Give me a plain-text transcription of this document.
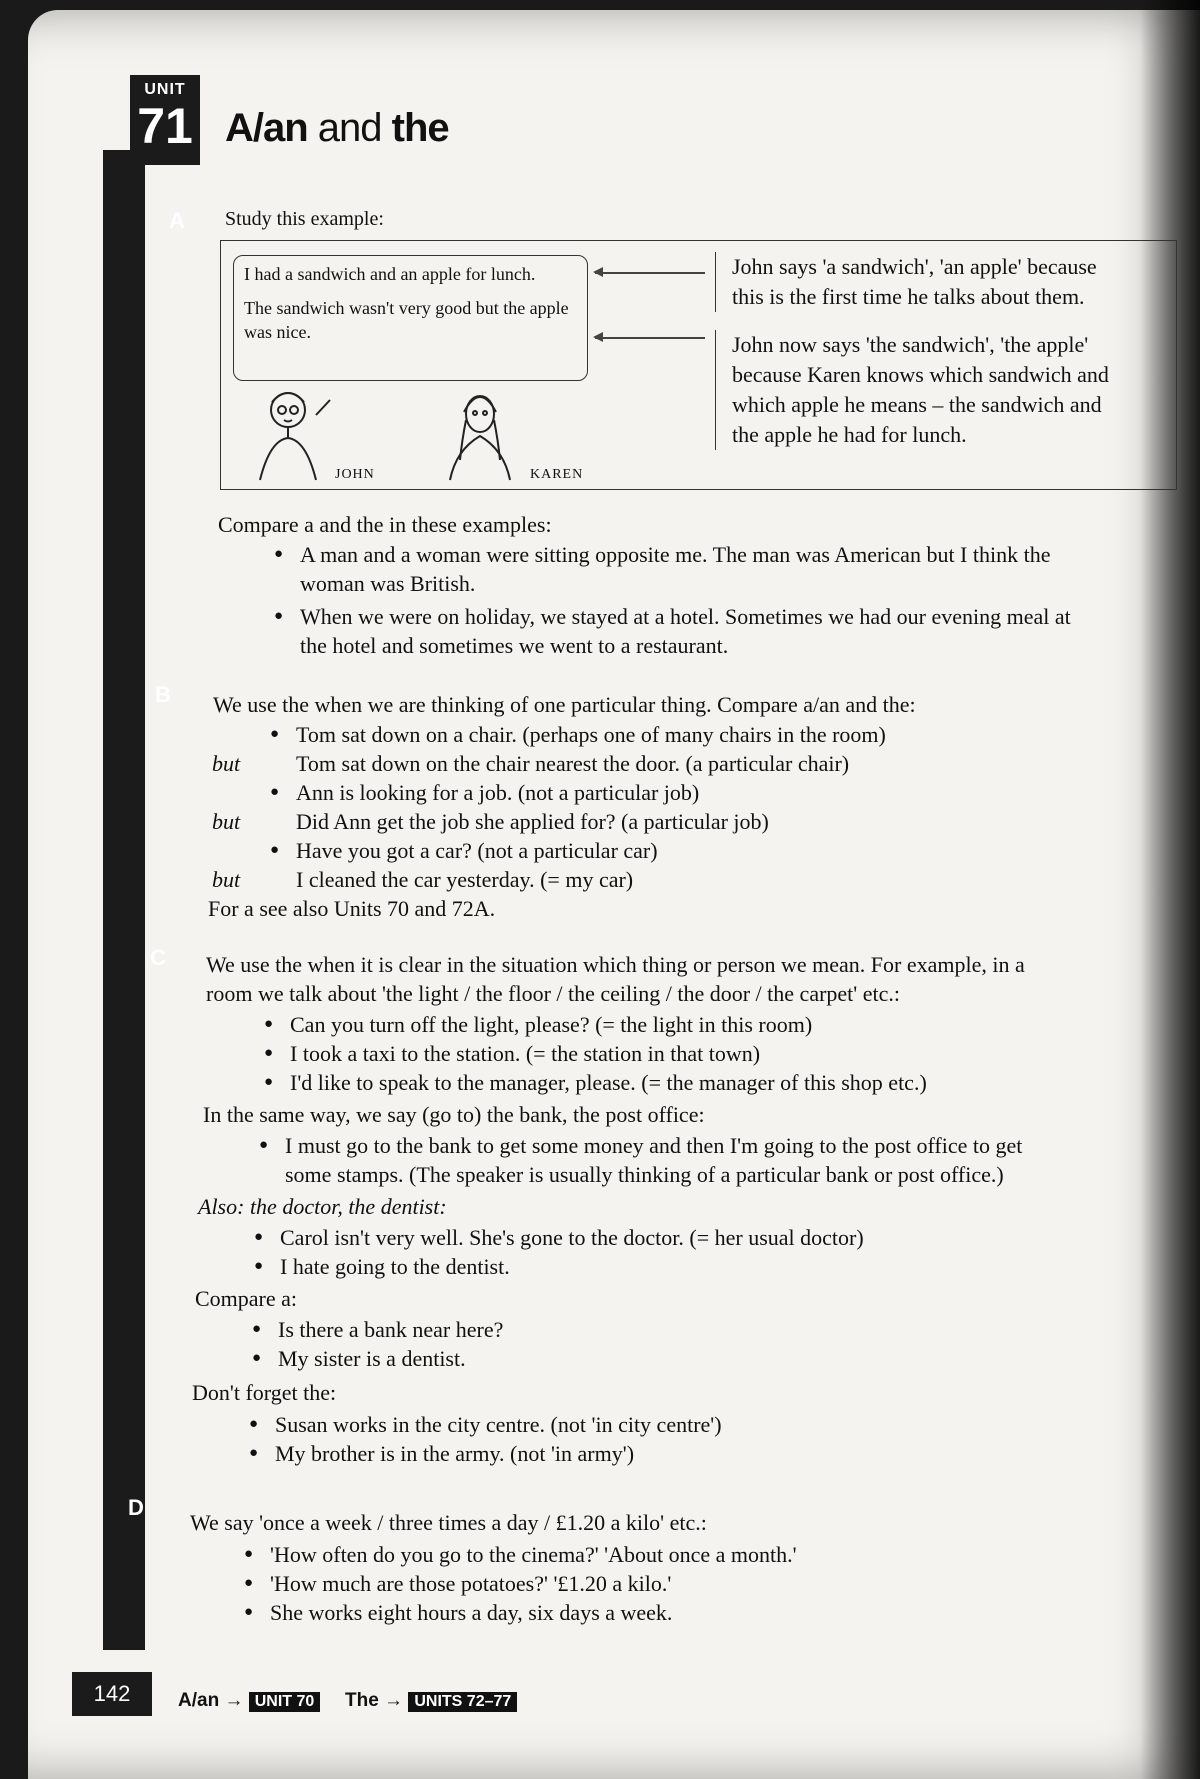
UNIT
71 A/an and the
A
B
C
D
Study this example:

I had a sandwich and an apple for lunch.

The sandwich wasn't very good but the apple was nice.

John says 'a sandwich', 'an apple' because
this is the first time he talks about them.
John now says 'the sandwich', 'the apple'
because Karen knows which sandwich and
which apple he means – the sandwich and
the apple he had for lunch.
JOHN	KAREN
Compare a and the in these examples:
● A man and a woman were sitting opposite me. The man was American but I think the
woman was British.
● When we were on holiday, we stayed at a hotel. Sometimes we had our evening meal at
the hotel and sometimes we went to a restaurant.
We use the when we are thinking of one particular thing. Compare a/an and the:
● Tom sat down on a chair. (perhaps one of many chairs in the room)
but	Tom sat down on the chair nearest the door. (a particular chair)
● Ann is looking for a job. (not a particular job)
but	Did Ann get the job she applied for? (a particular job)
● Have you got a car? (not a particular car)
but	I cleaned the car yesterday. (= my car)
For a see also Units 70 and 72A.
We use the when it is clear in the situation which thing or person we mean. For example, in a
room we talk about 'the light / the floor / the ceiling / the door / the carpet' etc.:
● Can you turn off the light, please? (= the light in this room)
● I took a taxi to the station. (= the station in that town)
● I'd like to speak to the manager, please. (= the manager of this shop etc.)
In the same way, we say (go to) the bank, the post office:
● I must go to the bank to get some money and then I'm going to the post office to get
some stamps. (The speaker is usually thinking of a particular bank or post office.)
Also: the doctor, the dentist:
● Carol isn't very well. She's gone to the doctor. (= her usual doctor)
● I hate going to the dentist.
Compare a:
● Is there a bank near here?
● My sister is a dentist.
Don't forget the:
● Susan works in the city centre. (not 'in city centre')
● My brother is in the army. (not 'in army')
We say 'once a week / three times a day / £1.20 a kilo' etc.:
● 'How often do you go to the cinema?' 'About once a month.'
● 'How much are those potatoes?' '£1.20 a kilo.'
● She works eight hours a day, six days a week.
142	A/an → UNIT 70	The → UNITS 72–77
